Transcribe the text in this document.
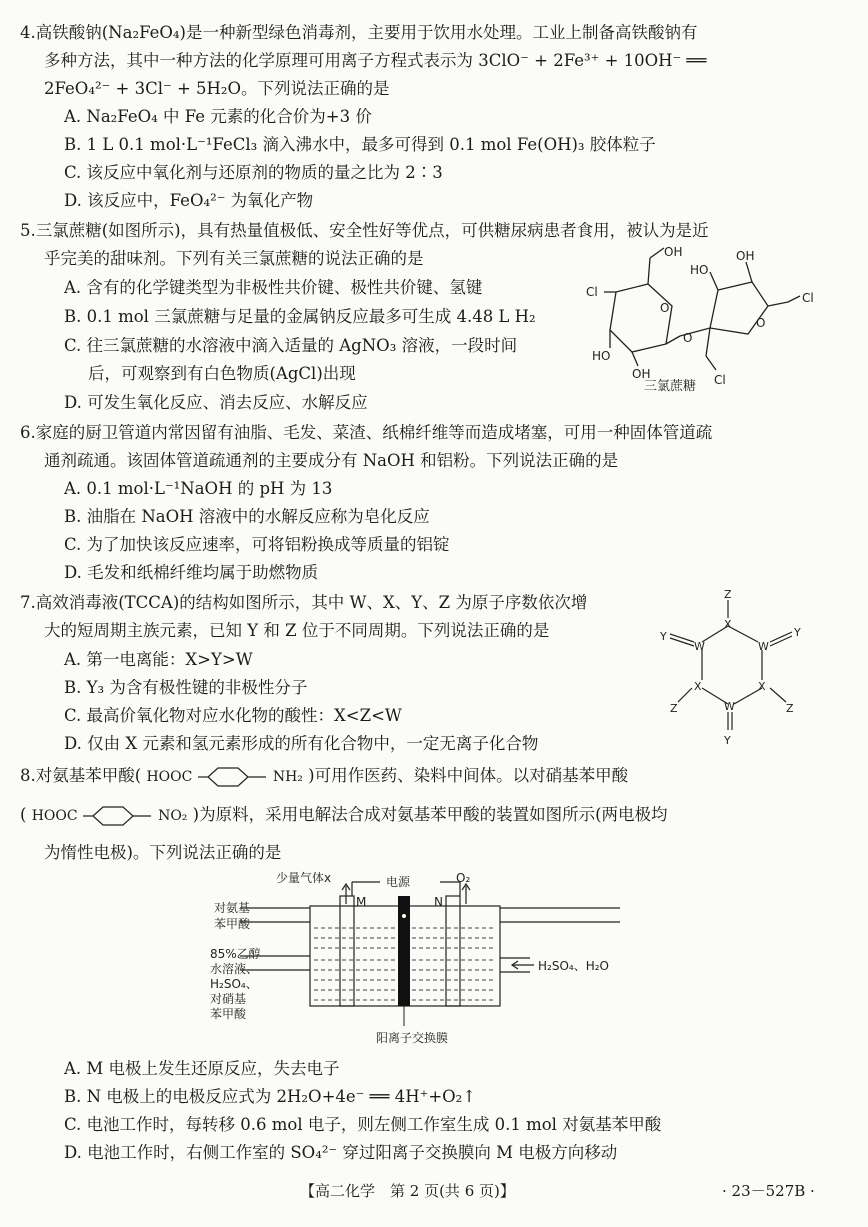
4.高铁酸钠(Na₂FeO₄)是一种新型绿色消毒剂，主要用于饮用水处理。工业上制备高铁酸钠有
多种方法，其中一种方法的化学原理可用离子方程式表示为 3ClO⁻ + 2Fe³⁺ + 10OH⁻ ══
2FeO₄²⁻ + 3Cl⁻ + 5H₂O。下列说法正确的是
A. Na₂FeO₄ 中 Fe 元素的化合价为+3 价
B. 1 L 0.1 mol·L⁻¹FeCl₃ 滴入沸水中，最多可得到 0.1 mol Fe(OH)₃ 胶体粒子
C. 该反应中氧化剂与还原剂的物质的量之比为 2∶3
D. 该反应中，FeO₄²⁻ 为氧化产物
5.三氯蔗糖(如图所示)，具有热量值极低、安全性好等优点，可供糖尿病患者食用，被认为是近
乎完美的甜味剂。下列有关三氯蔗糖的说法正确的是
A. 含有的化学键类型为非极性共价键、极性共价键、氢键
B. 0.1 mol 三氯蔗糖与足量的金属钠反应最多可生成 4.48 L H₂
C. 往三氯蔗糖的水溶液中滴入适量的 AgNO₃ 溶液，一段时间
后，可观察到有白色物质(AgCl)出现
D. 可发生氧化反应、消去反应、水解反应
OH
Cl
HO
OH
O
O
O
HO
OH
Cl
Cl
三氯蔗糖
6.家庭的厨卫管道内常因留有油脂、毛发、菜渣、纸棉纤维等而造成堵塞，可用一种固体管道疏
通剂疏通。该固体管道疏通剂的主要成分有 NaOH 和铝粉。下列说法正确的是
A. 0.1 mol·L⁻¹NaOH 的 pH 为 13
B. 油脂在 NaOH 溶液中的水解反应称为皂化反应
C. 为了加快该反应速率，可将铝粉换成等质量的铝锭
D. 毛发和纸棉纤维均属于助燃物质
7.高效消毒液(TCCA)的结构如图所示，其中 W、X、Y、Z 为原子序数依次增
大的短周期主族元素，已知 Y 和 Z 位于不同周期。下列说法正确的是
A. 第一电离能：X>Y>W
B. Y₃ 为含有极性键的非极性分子
C. 最高价氧化物对应水化物的酸性：X<Z<W
D. 仅由 X 元素和氢元素形成的所有化合物中，一定无离子化合物
Z
X
Y
W	W
Y
X	X
Z	Z
W
Y
8.对氨基苯甲酸( HOOC	NH₂ )可用作医药、染料中间体。以对硝基苯甲酸
( HOOC	NO₂ )为原料，采用电解法合成对氨基苯甲酸的装置如图所示(两电极均
为惰性电极)。下列说法正确的是
少量气体x	电源	O₂
M	N
对氨基
苯甲酸
85%乙醇
水溶液、
H₂SO₄、
对硝基
苯甲酸
H₂SO₄、H₂O
阳离子交换膜
A. M 电极上发生还原反应，失去电子
B. N 电极上的电极反应式为 2H₂O+4e⁻ ══ 4H⁺+O₂↑
C. 电池工作时，每转移 0.6 mol 电子，则左侧工作室生成 0.1 mol 对氨基苯甲酸
D. 电池工作时，右侧工作室的 SO₄²⁻ 穿过阳离子交换膜向 M 电极方向移动
【高二化学　第 2 页(共 6 页)】	· 23－527B ·
